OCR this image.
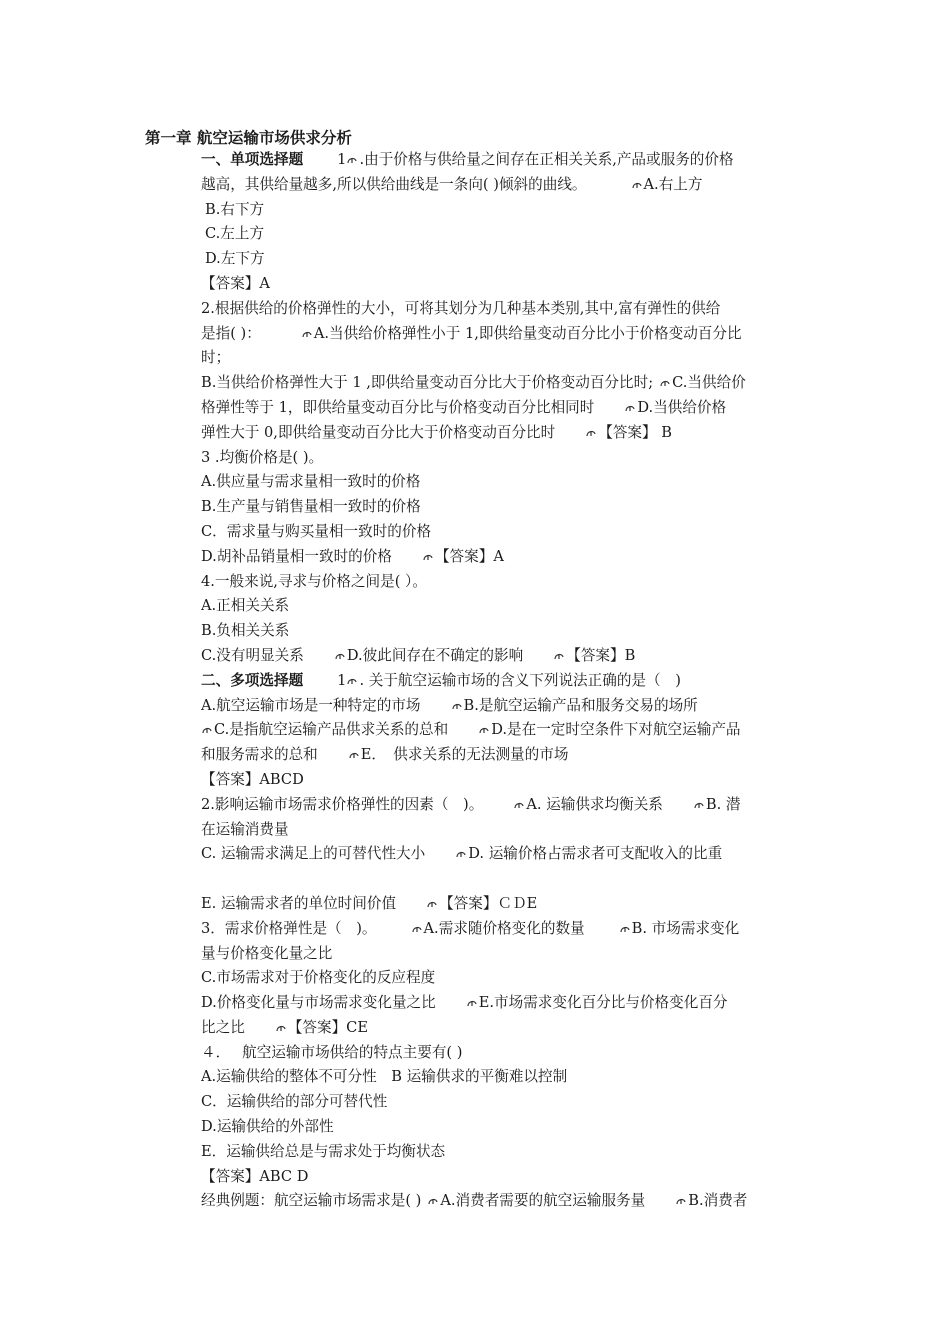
第一章 航空运输市场供求分析
一、单项选择题 1 .由于价格与供给量之间存在正相关关系,产品或服务的价格
越高，其供给量越多,所以供给曲线是一条向( )倾斜的曲线。	A.右上方
B.右下方
C.左上方
D.左下方
【答案】A
2.根据供给的价格弹性的大小，可将其划分为几种基本类别,其中,富有弹性的供给
是指( )：	A.当供给价格弹性小于 1,即供给量变动百分比小于价格变动百分比
时；
B.当供给价格弹性大于 1 ,即供给量变动百分比大于价格变动百分比时; C.当供给价
格弹性等于 1，即供给量变动百分比与价格变动百分比相同时	D.当供给价格
弹性大于 0,即供给量变动百分比大于价格变动百分比时	【答案】 B
3 .均衡价格是( )。
A.供应量与需求量相一致时的价格
B.生产量与销售量相一致时的价格
C．需求量与购买量相一致时的价格
D.胡补品销量相一致时的价格	【答案】A
4.一般来说,寻求与价格之间是( ）。
A.正相关关系
B.负相关关系
C.没有明显关系	D.彼此间存在不确定的影响	【答案】B
二、多项选择题 1 . 关于航空运输市场的含义下列说法正确的是（　)
A.航空运输市场是一种特定的市场	B.是航空运输产品和服务交易的场所
C.是指航空运输产品供求关系的总和	D.是在一定时空条件下对航空运输产品
和服务需求的总和	E．　供求关系的无法测量的市场
【答案】ABCD
2.影响运输市场需求价格弹性的因素（　)。	A. 运输供求均衡关系	B. 潜
在运输消费量
C. 运输需求满足上的可替代性大小	D. 运输价格占需求者可支配收入的比重
E. 运输需求者的单位时间价值	【答案】ＣＤE
3．需求价格弹性是（　)。	A.需求随价格变化的数量	B. 市场需求变化
量与价格变化量之比
C.市场需求对于价格变化的反应程度
D.价格变化量与市场需求变化量之比	E.市场需求变化百分比与价格变化百分
比之比	【答案】CE
４．　 航空运输市场供给的特点主要有( )
A.运输供给的整体不可分性　B 运输供求的平衡难以控制
C．运输供给的部分可替代性
D.运输供给的外部性
E．运输供给总是与需求处于均衡状态
【答案】ABC D
经典例题：航空运输市场需求是( ) A.消费者需要的航空运输服务量	B.消费者
